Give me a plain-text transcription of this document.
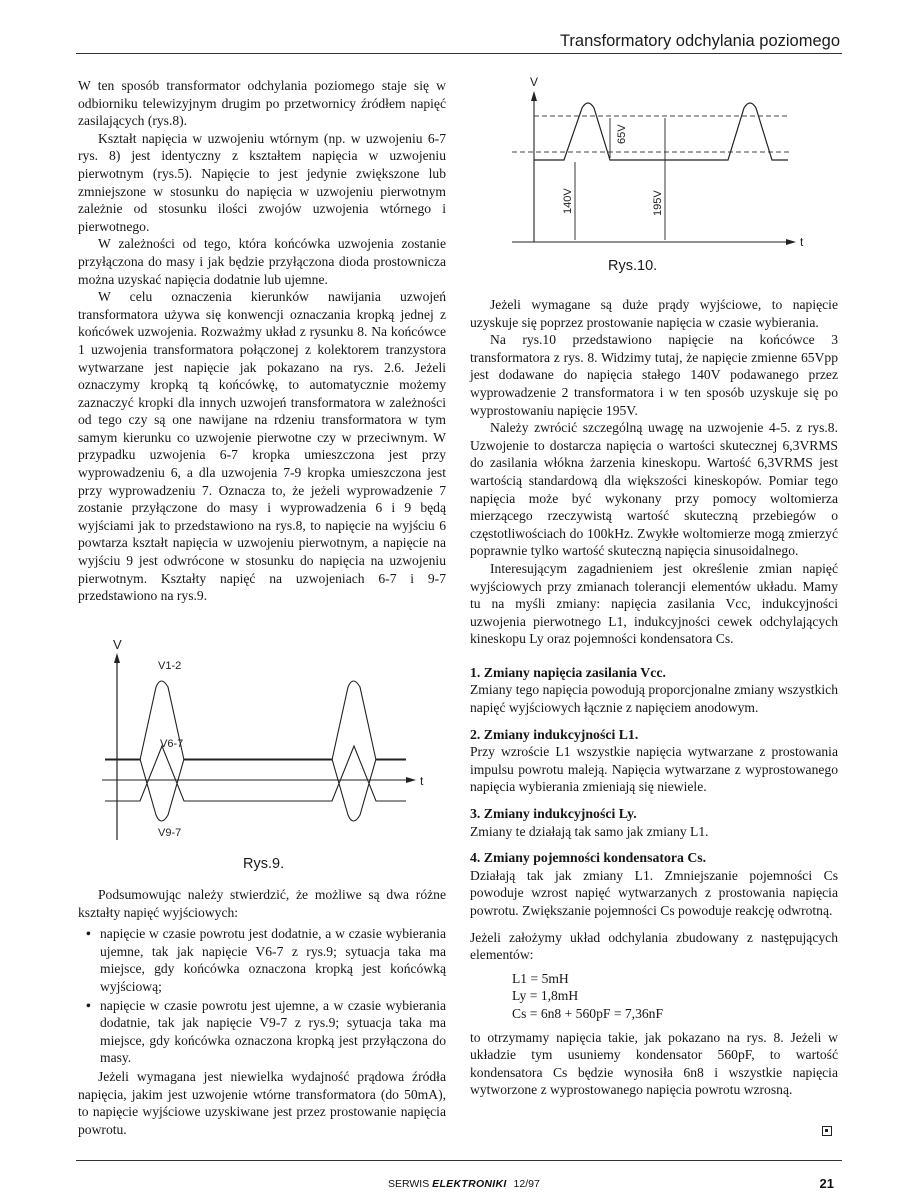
Transformatory odchylania poziomego

W ten sposób transformator odchylania poziomego staje się w odbiorniku telewizyjnym drugim po przetwornicy źródłem napięć zasilających (rys.8).

Kształt napięcia w uzwojeniu wtórnym (np. w uzwojeniu 6-7 rys. 8) jest identyczny z kształtem napięcia w uzwojeniu pierwotnym (rys.5). Napięcie to jest jedynie zwiększone lub zmniejszone w stosunku do napięcia w uzwojeniu pierwotnym zależnie od stosunku ilości zwojów uzwojenia wtórnego i pierwotnego.

W zależności od tego, która końcówka uzwojenia zostanie przyłączona do masy i jak będzie przyłączona dioda prostownicza można uzyskać napięcia dodatnie lub ujemne.

W celu oznaczenia kierunków nawijania uzwojeń transformatora używa się konwencji oznaczania kropką jednej z końcówek uzwojenia. Rozważmy układ z rysunku 8. Na końcówce 1 uzwojenia transformatora połączonej z kolektorem tranzystora wytwarzane jest napięcie jak pokazano na rys. 2.6. Jeżeli oznaczymy kropką tą końcówkę, to automatycznie możemy zaznaczyć kropki dla innych uzwojeń transformatora w zależności od tego czy są one nawijane na rdzeniu transformatora w tym samym kierunku co uzwojenie pierwotne czy w przeciwnym. W przypadku uzwojenia 6-7 kropka umieszczona jest przy wyprowadzeniu 6, a dla uzwojenia 7-9 kropka umieszczona jest przy wyprowadzeniu 7. Oznacza to, że jeżeli wyprowadzenie 7 zostanie przyłączone do masy i wyprowadzenia 6 i 9 będą wyjściami jak to przedstawiono na rys.8, to napięcie na wyjściu 6 powtarza kształt napięcia w uzwojeniu pierwotnym, a napięcie na wyjściu 9 jest odwrócone w stosunku do napięcia na uzwojeniu pierwotnym. Kształty napięć na uzwojeniach 6-7 i 9-7 przedstawiono na rys.9.

V
t
V1-2
V6-7
V9-7
Rys.9.

Podsumowując należy stwierdzić, że możliwe są dwa różne kształty napięć wyjściowych:

• napięcie w czasie powrotu jest dodatnie, a w czasie wybierania ujemne, tak jak napięcie V6-7 z rys.9; sytuacja taka ma miejsce, gdy końcówka oznaczona kropką jest końcówką wyjściową;
• napięcie w czasie powrotu jest ujemne, a w czasie wybierania dodatnie, tak jak napięcie V9-7 z rys.9; sytuacja taka ma miejsce, gdy końcówka oznaczona kropką jest przyłączona do masy.

Jeżeli wymagana jest niewielka wydajność prądowa źródła napięcia, jakim jest uzwojenie wtórne transformatora (do 50mA), to napięcie wyjściowe uzyskiwane jest przez prostowanie napięcia powrotu.

V
t
65V
140V	195V
Rys.10.

Jeżeli wymagane są duże prądy wyjściowe, to napięcie uzyskuje się poprzez prostowanie napięcia w czasie wybierania.

Na rys.10 przedstawiono napięcie na końcówce 3 transformatora z rys. 8. Widzimy tutaj, że napięcie zmienne 65Vpp jest dodawane do napięcia stałego 140V podawanego przez wyprowadzenie 2 transformatora i w ten sposób uzyskuje się po wyprostowaniu napięcie 195V.

Należy zwrócić szczególną uwagę na uzwojenie 4-5. z rys.8. Uzwojenie to dostarcza napięcia o wartości skutecznej 6,3VRMS do zasilania włókna żarzenia kineskopu. Wartość 6,3VRMS jest wartością standardową dla większości kineskopów. Pomiar tego napięcia może być wykonany przy pomocy woltomierza mierzącego rzeczywistą wartość skuteczną przebiegów o częstotliwościach do 100kHz. Zwykłe woltomierze mogą zmierzyć poprawnie tylko wartość skuteczną napięcia sinusoidalnego.

Interesującym zagadnieniem jest określenie zmian napięć wyjściowych przy zmianach tolerancji elementów układu. Mamy tu na myśli zmiany: napięcia zasilania Vcc, indukcyjności uzwojenia pierwotnego L1, indukcyjności cewek odchylających kineskopu Ly oraz pojemności kondensatora Cs.

1. Zmiany napięcia zasilania Vcc.

Zmiany tego napięcia powodują proporcjonalne zmiany wszystkich napięć wyjściowych łącznie z napięciem anodowym.

2. Zmiany indukcyjności L1.

Przy wzroście L1 wszystkie napięcia wytwarzane z prostowania impulsu powrotu maleją. Napięcia wytwarzane z wyprostowanego napięcia wybierania zmieniają się niewiele.

3. Zmiany indukcyjności Ly.

Zmiany te działają tak samo jak zmiany L1.

4. Zmiany pojemności kondensatora Cs.

Działają tak jak zmiany L1. Zmniejszanie pojemności Cs powoduje wzrost napięć wytwarzanych z prostowania napięcia powrotu. Zwiększanie pojemności Cs powoduje reakcję odwrotną.

Jeżeli założymy układ odchylania zbudowany z następujących elementów:

L1 = 5mH
Ly = 1,8mH
Cs = 6n8 + 560pF = 7,36nF

to otrzymamy napięcia takie, jak pokazano na rys. 8. Jeżeli w układzie tym usuniemy kondensator 560pF, to wartość kondensatora Cs będzie wynosiła 6n8 i wszystkie napięcia wytworzone z wyprostowanego napięcia powrotu wzrosną.

SERWIS ELEKTRONIKI 12/97	21
